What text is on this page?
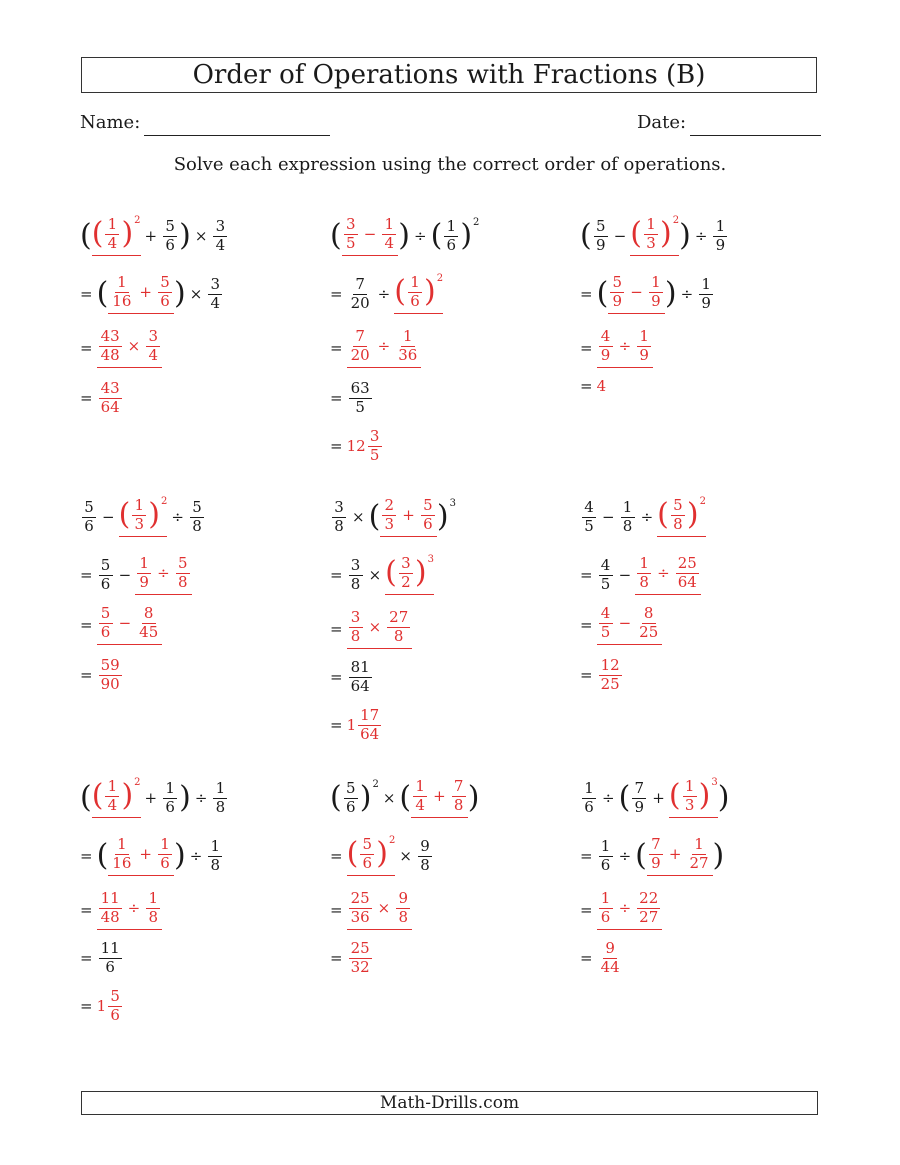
Order of Operations with Fractions (B)
Name:	Date:
Solve each expression using the correct order of operations.
( ( $\frac{1}{4}$ ) 2
+ $\frac{5}{6}$ ) × $\frac{3}{4}$
= ( $\frac{1}{16} + \frac{5}{6}$ ) × $\frac{3}{4}$
= $\frac{43}{48} \times \frac{3}{4}$
= $\frac{43}{64}$
( $\frac{3}{5} - \frac{1}{4}$ ) ÷ ( $\frac{1}{6}$ ) 2
= $\frac{7}{20}$ ÷ ( $\frac{1}{6}$ ) 2
= $\frac{7}{20} \div \frac{1}{36}$
= $\frac{63}{5}$
= $12 \frac{3}{5}$
( $\frac{5}{9}$ − ( $\frac{1}{3}$ ) 2 ) ÷ $\frac{1}{9}$
= ( $\frac{5}{9} - \frac{1}{9}$ ) ÷ $\frac{1}{9}$
= $\frac{4}{9} \div \frac{1}{9}$
= 4
$\frac{5}{6}$ − ( $\frac{1}{3}$ ) 2
÷ $\frac{5}{8}$
= $\frac{5}{6} - \frac{1}{9} \div \frac{5}{8}$
= $\frac{5}{6} - \frac{8}{45}$
= $\frac{59}{90}$
$\frac{3}{8}$ × ( $\frac{2}{3} + \frac{5}{6}$ ) 3
= $\frac{3}{8}$ × ( $\frac{3}{2}$ ) 3
= $\frac{3}{8} \times \frac{27}{8}$
= $\frac{81}{64}$
= $1 \frac{17}{64}$
$\frac{4}{5} - \frac{1}{8}$ ÷ ( $\frac{5}{8}$ ) 2
= $\frac{4}{5} - \frac{1}{8} \div \frac{25}{64}$
= $\frac{4}{5} - \frac{8}{25}$
= $\frac{12}{25}$
( ( $\frac{1}{4}$ ) 2
+ $\frac{1}{6}$ ) ÷ $\frac{1}{8}$
= ( $\frac{1}{16} + \frac{1}{6}$ ) ÷ $\frac{1}{8}$
= $\frac{11}{48} \div \frac{1}{8}$
= $\frac{11}{6}$
= $1 \frac{5}{6}$
( $\frac{5}{6}$ ) 2
× ( $\frac{1}{4} + \frac{7}{8}$ )
= ( $\frac{5}{6}$ ) 2
× $\frac{9}{8}$
= $\frac{25}{36} \times \frac{9}{8}$
= $\frac{25}{32}$
$\frac{1}{6}$ ÷ ( $\frac{7}{9}$ + ( $\frac{1}{3}$ ) 3 )
= $\frac{1}{6}$ ÷ ( $\frac{7}{9} + \frac{1}{27}$ )
= $\frac{1}{6} \div \frac{22}{27}$
= $\frac{9}{44}$
Math-Drills.com
